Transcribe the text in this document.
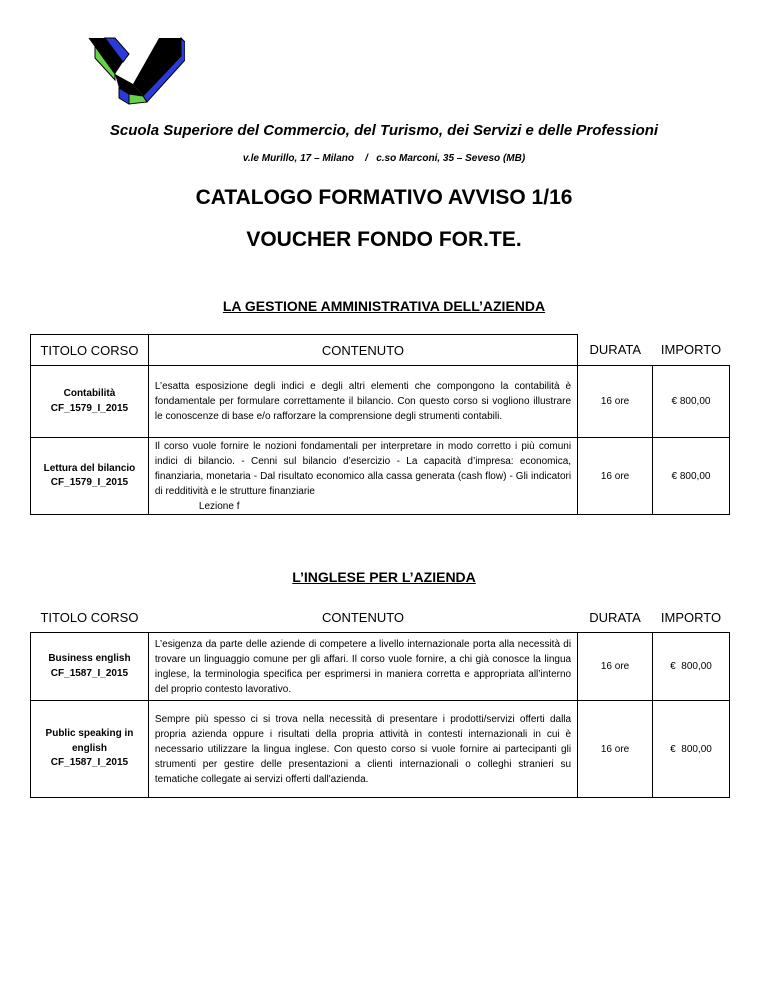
Scuola Superiore del Commercio, del Turismo, dei Servizi e delle Professioni
v.le Murillo, 17 – Milano    /   c.so Marconi, 35 – Seveso (MB)
CATALOGO FORMATIVO AVVISO 1/16
VOUCHER FONDO FOR.TE.
LA GESTIONE AMMINISTRATIVA DELL’AZIENDA
TITOLO CORSO	CONTENUTO	DURATA	IMPORTO

Contabilità
CF_1579_I_2015	L’esatta esposizione degli indici e degli altri elementi che compongono la contabilità è fondamentale per formulare correttamente il bilancio. Con questo corso si vogliono illustrare le conoscenze di base e/o rafforzare la comprensione degli strumenti contabili.	16 ore	€ 800,00

Lettura del bilancio
CF_1579_I_2015	Il corso vuole fornire le nozioni fondamentali per interpretare in modo corretto i più comuni indici di bilancio. - Cenni sul bilancio d’esercizio - La capacità d’impresa: economica, finanziaria, monetaria - Dal risultato economico alla cassa generata (cash flow) - Gli indicatori di redditività e le strutture finanziarie
Lezione f	16 ore	€ 800,00
L’INGLESE PER L’AZIENDA
TITOLO CORSO	CONTENUTO	DURATA	IMPORTO

Business english
CF_1587_I_2015	L’esigenza da parte delle aziende di competere a livello internazionale porta alla necessità di trovare un linguaggio comune per gli affari. Il corso vuole fornire, a chi già conosce la lingua inglese, la terminologia specifica per esprimersi in maniera corretta e appropriata all’interno del proprio contesto lavorativo.	16 ore	€  800,00

Public speaking in english
CF_1587_I_2015	Sempre più spesso ci si trova nella necessità di presentare i prodotti/servizi offerti dalla propria azienda oppure i risultati della propria attività in contesti internazionali in cui è necessario utilizzare la lingua inglese. Con questo corso si vuole fornire ai partecipanti gli strumenti per gestire delle presentazioni a clienti internazionali o colleghi stranieri su tematiche collegate ai servizi offerti dall'azienda.	16 ore	€  800,00
